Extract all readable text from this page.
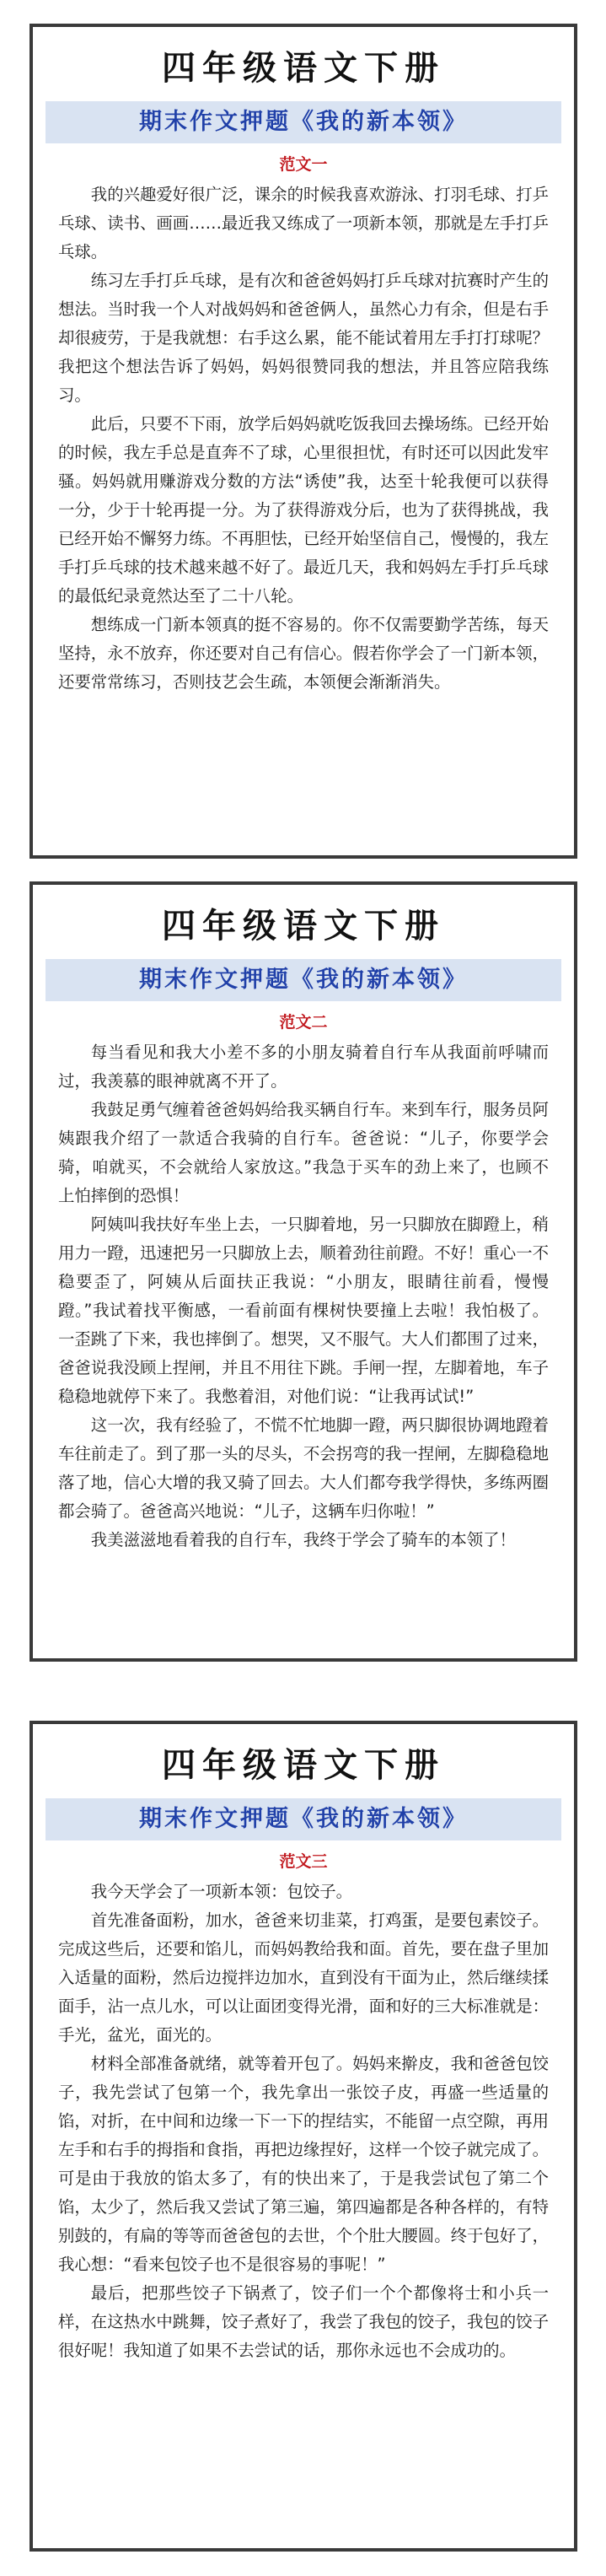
四年级语文下册
期末作文押题《我的新本领》
范文一

我的兴趣爱好很广泛，课余的时候我喜欢游泳、打羽毛球、打乒乓球、读书、画画……最近我又练成了一项新本领，那就是左手打乒乓球。

练习左手打乒乓球，是有次和爸爸妈妈打乒乓球对抗赛时产生的想法。当时我一个人对战妈妈和爸爸俩人，虽然心力有余，但是右手却很疲劳，于是我就想：右手这么累，能不能试着用左手打打球呢？我把这个想法告诉了妈妈，妈妈很赞同我的想法，并且答应陪我练习。

此后，只要不下雨，放学后妈妈就吃饭我回去操场练。已经开始的时候，我左手总是直奔不了球，心里很担忧，有时还可以因此发牢骚。妈妈就用赚游戏分数的方法“诱使”我，达至十轮我便可以获得一分，少于十轮再提一分。为了获得游戏分后，也为了获得挑战，我已经开始不懈努力练。不再胆怯，已经开始坚信自己，慢慢的，我左手打乒乓球的技术越来越不好了。最近几天，我和妈妈左手打乒乓球的最低纪录竟然达至了二十八轮。

想练成一门新本领真的挺不容易的。你不仅需要勤学苦练，每天坚持，永不放弃，你还要对自己有信心。假若你学会了一门新本领，还要常常练习，否则技艺会生疏，本领便会渐渐消失。

四年级语文下册
期末作文押题《我的新本领》
范文二

每当看见和我大小差不多的小朋友骑着自行车从我面前呼啸而过，我羡慕的眼神就离不开了。

我鼓足勇气缠着爸爸妈妈给我买辆自行车。来到车行，服务员阿姨跟我介绍了一款适合我骑的自行车。爸爸说：“儿子，你要学会骑，咱就买，不会就给人家放这。”我急于买车的劲上来了，也顾不上怕摔倒的恐惧！

阿姨叫我扶好车坐上去，一只脚着地，另一只脚放在脚蹬上，稍用力一蹬，迅速把另一只脚放上去，顺着劲往前蹬。不好！重心一不稳要歪了，阿姨从后面扶正我说：“小朋友，眼睛往前看，慢慢蹬。”我试着找平衡感，一看前面有棵树快要撞上去啦！我怕极了。一歪跳了下来，我也摔倒了。想哭，又不服气。大人们都围了过来，爸爸说我没顾上捏闸，并且不用往下跳。手闸一捏，左脚着地，车子稳稳地就停下来了。我憋着泪，对他们说：“让我再试试!”

这一次，我有经验了，不慌不忙地脚一蹬，两只脚很协调地蹬着车往前走了。到了那一头的尽头，不会拐弯的我一捏闸，左脚稳稳地落了地，信心大增的我又骑了回去。大人们都夸我学得快，多练两圈都会骑了。爸爸高兴地说：“儿子，这辆车归你啦！”

我美滋滋地看着我的自行车，我终于学会了骑车的本领了！

四年级语文下册
期末作文押题《我的新本领》
范文三

我今天学会了一项新本领：包饺子。

首先准备面粉，加水，爸爸来切韭菜，打鸡蛋，是要包素饺子。完成这些后，还要和馅儿，而妈妈教给我和面。首先，要在盘子里加入适量的面粉，然后边搅拌边加水，直到没有干面为止，然后继续揉面手，沾一点儿水，可以让面团变得光滑，面和好的三大标准就是：手光，盆光，面光的。

材料全部准备就绪，就等着开包了。妈妈来擀皮，我和爸爸包饺子，我先尝试了包第一个，我先拿出一张饺子皮，再盛一些适量的馅，对折，在中间和边缘一下一下的捏结实，不能留一点空隙，再用左手和右手的拇指和食指，再把边缘捏好，这样一个饺子就完成了。可是由于我放的馅太多了，有的快出来了，于是我尝试包了第二个馅，太少了，然后我又尝试了第三遍，第四遍都是各种各样的，有特别鼓的，有扁的等等而爸爸包的去世，个个肚大腰圆。终于包好了，我心想：“看来包饺子也不是很容易的事呢！”

最后，把那些饺子下锅煮了，饺子们一个个都像将士和小兵一样，在这热水中跳舞，饺子煮好了，我尝了我包的饺子，我包的饺子很好呢！我知道了如果不去尝试的话，那你永远也不会成功的。
